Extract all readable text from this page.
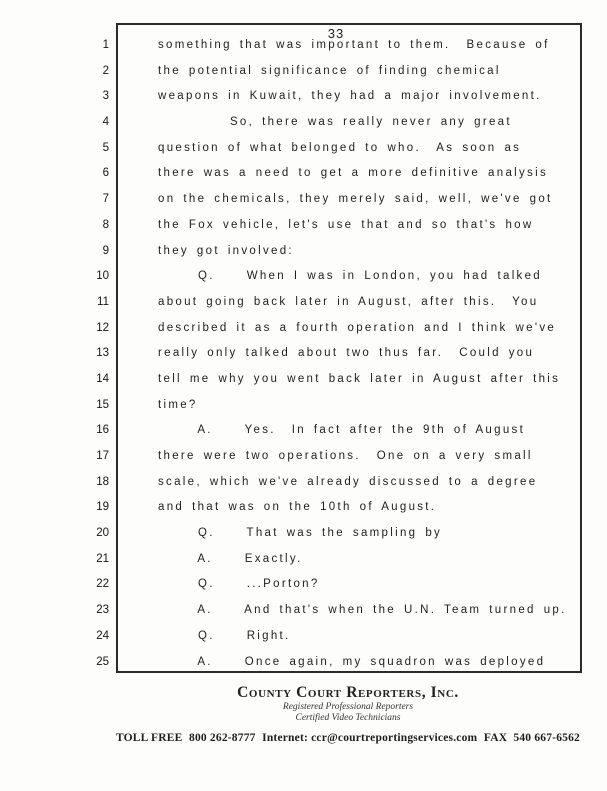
33
1	something that was important to them.  Because of
2	the potential significance of finding chemical
3	weapons in Kuwait, they had a major involvement.
4	So, there was really never any great
5	question of what belonged to who.  As soon as
6	there was a need to get a more definitive analysis
7	on the chemicals, they merely said, well, we've got
8	the Fox vehicle, let's use that and so that's how
9	they got involved:
10	Q.    When I was in London, you had talked
11	about going back later in August, after this.  You
12	described it as a fourth operation and I think we've
13	really only talked about two thus far.  Could you
14	tell me why you went back later in August after this
15	time?
16	A.    Yes.  In fact after the 9th of August
17	there were two operations.  One on a very small
18	scale, which we've already discussed to a degree
19	and that was on the 10th of August.
20	Q.    That was the sampling by
21	A.    Exactly.
22	Q.    ...Porton?
23	A.    And that's when the U.N. Team turned up.
24	Q.    Right.
25	A.    Once again, my squadron was deployed
County Court Reporters, Inc.
Registered Professional Reporters
Certified Video Technicians
TOLL FREE 800 262-8777 Internet: ccr@courtreportingservices.com FAX  540 667-6562
